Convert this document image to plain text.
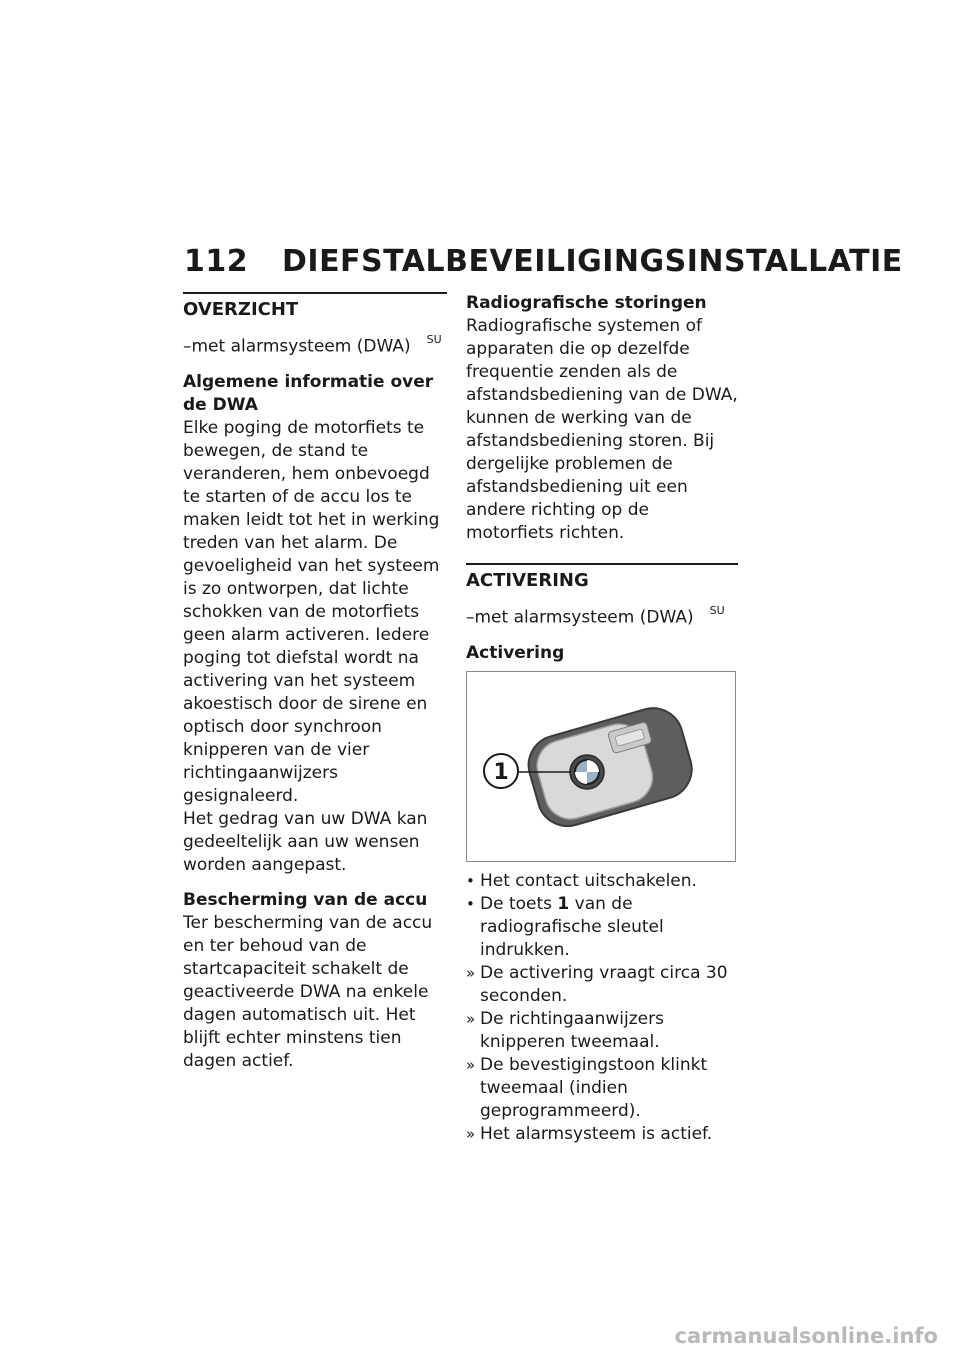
112 DIEFSTALBEVEILIGINGSINSTALLATIE
OVERZICHT
–met alarmsysteem (DWA) $^{SU}$
Algemene informatie over de DWA

Elke poging de motorfiets te bewegen, de stand te veranderen, hem onbevoegd te starten of de accu los te maken leidt tot het in werking treden van het alarm. De gevoeligheid van het systeem is zo ontworpen, dat lichte schokken van de motorfiets geen alarm activeren. Iedere poging tot diefstal wordt na activering van het systeem akoestisch door de sirene en optisch door synchroon knipperen van de vier richtingaanwijzers gesignaleerd.

Het gedrag van uw DWA kan gedeeltelijk aan uw wensen worden aangepast.

Bescherming van de accu

Ter bescherming van de accu en ter behoud van de startcapaciteit schakelt de geactiveerde DWA na enkele dagen automatisch uit. Het blijft echter minstens tien dagen actief.

Radiografische storingen

Radiografische systemen of apparaten die op dezelfde frequentie zenden als de afstandsbediening van de DWA, kunnen de werking van de afstandsbediening storen. Bij dergelijke problemen de afstandsbediening uit een andere richting op de motorfiets richten.

ACTIVERING
–met alarmsysteem (DWA) $^{SU}$
Activering
1
• Het contact uitschakelen.
• De toets 1 van de radiografische sleutel indrukken.
» De activering vraagt circa 30 seconden.
» De richtingaanwijzers knipperen tweemaal.
» De bevestigingstoon klinkt tweemaal (indien geprogrammeerd).
» Het alarmsysteem is actief.
carmanualsonline.info
